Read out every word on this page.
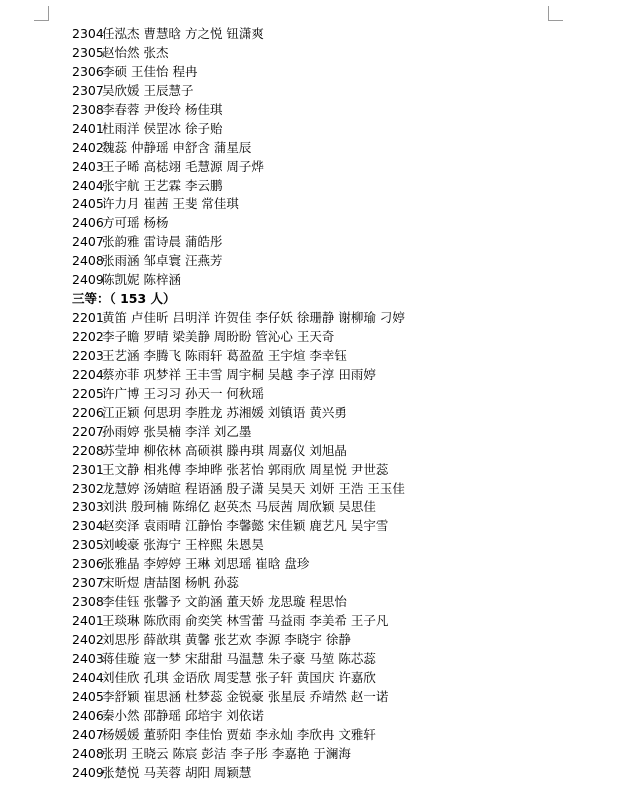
2304任泓杰 曹慧晗 方之悦 钮潇爽
2305赵怡然 张杰
2306李硕 王佳怡 程冉
2307吴欣媛 王辰慧子
2308李春蓉 尹俊玲 杨佳琪
2401杜雨洋 侯罡冰 徐子贻
2402魏蕊 仲静瑶 申舒含 蒲星辰
2403王子晞 高梽翊 毛慧源 周子烨
2404张宇航 王艺霖 李云鹏
2405许力月 崔茜 王斐 常佳琪
2406方可瑶 杨杨
2407张韵雅 雷诗晨 蒲皓彤
2408张雨涵 邹卓寰 汪燕芳
2409陈凯妮 陈梓涵
三等：（ 153 人）
2201黄笛 卢佳昕 吕明洋 许贺佳 李仔妖 徐珊静 谢柳瑜 刁婷
2202李子瞻 罗晴 梁美静 周盼盼 管沁心 王天奇
2203王艺涵 李腾飞 陈雨轩 葛盈盈 王宇煊 李幸钰
2204蔡亦菲 巩梦祥 王丰雪 周宇桐 吴越 李子淳 田雨婷
2205许广博 王习习 孙天一 何秋瑶
2206江正颖 何思玥 李胜龙 苏湘媛 刘镇语 黄兴勇
2207孙雨婷 张昊楠 李洋 刘乙墨
2208苏莹坤 柳依林 高硕祺 滕冉琪 周嘉仪 刘旭晶
2301王文静 相兆傅 李坤晔 张茗怡 郭雨欣 周星悦 尹世蕊
2302龙慧婷 汤婧暄 程语涵 殷子潇 吴昊天 刘妍 王浩 王玉佳
2303刘洪 殷珂楠 陈绵亿 赵英杰 马辰茜 周欣颖 吴思佳
2304赵奕泽 袁雨晴 江静怡 李馨懿 宋佳颖 鹿艺凡 吴宇雪
2305刘峻豪 张海宁 王梓熙 朱恩昊
2306张雅晶 李婷婷 王琳 刘思瑶 崔晗 盘珍
2307宋昕煜 唐喆图 杨帆 孙蕊
2308李佳钰 张馨予 文韵涵 董天娇 龙思璇 程思怡
2401王琰琳 陈欣雨 俞奕笑 林雪蕾 马益雨 李美希 王子凡
2402刘思彤 薛歆琪 黄馨 张艺欢 李源 李晓宇 徐静
2403蒋佳璇 寇一梦 宋甜甜 马温慧 朱子豪 马堃 陈芯蕊
2404刘佳欣 孔琪 金语欣 周雯慧 张子轩 黄国庆 许嘉欣
2405李舒颖 崔思涵 杜梦蕊 金锐豪 张星辰 乔靖然 赵一诺
2406秦小然 邵静瑶 邱培宇 刘依诺
2407杨媛媛 董骄阳 李佳怡 贾茹 李永灿 李欣冉 文雅轩
2408张玥 王晓云 陈宸 彭洁 李子彤 李嘉艳 于澜海
2409张楚悦 马芙蓉 胡阳 周颖慧
